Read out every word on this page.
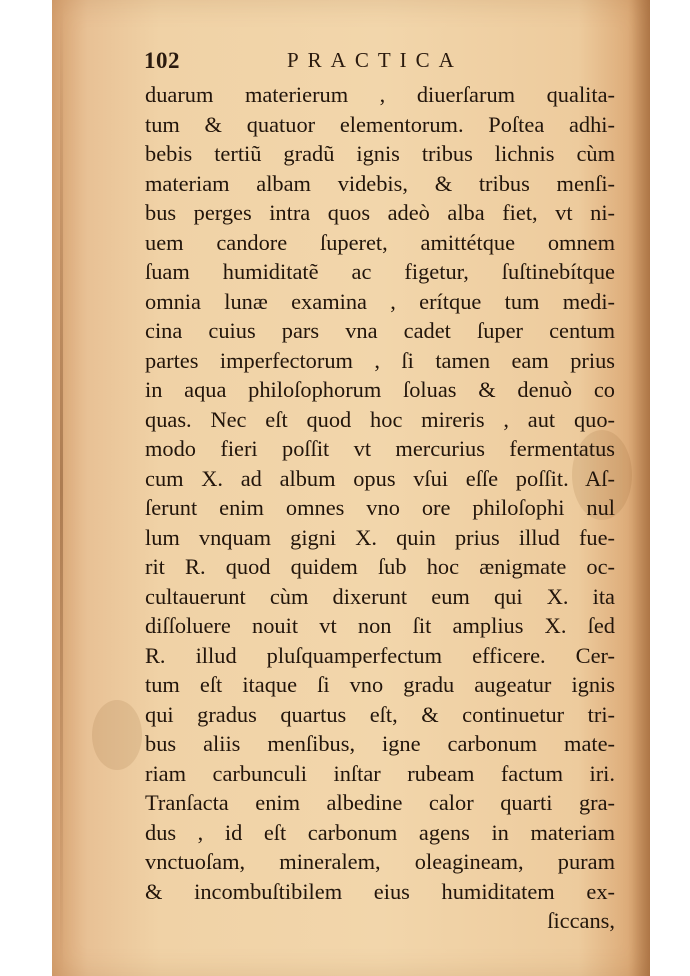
102	PRACTICA
duarum materierum , diuerſarum qualita-
tum & quatuor elementorum. Poſtea adhi-
bebis tertiũ gradũ ignis tribus lichnis cùm
materiam albam videbis, & tribus menſi-
bus perges intra quos adeò alba fiet, vt ni-
uem candore ſuperet, amittétque omnem
ſuam humiditatẽ ac figetur, ſuſtinebítque
omnia lunæ examina , erítque tum medi-
cina cuius pars vna cadet ſuper centum
partes imperfectorum , ſi tamen eam prius
in aqua philoſophorum ſoluas & denuò co
quas. Nec eſt quod hoc mireris , aut quo-
modo fieri poſſit vt mercurius fermentatus
cum X. ad album opus vſui eſſe poſſit. Aſ-
ſerunt enim omnes vno ore philoſophi nul
lum vnquam gigni X. quin prius illud fue-
rit R. quod quidem ſub hoc ænigmate oc-
cultauerunt cùm dixerunt eum qui X. ita
diſſoluere nouit vt non ſit amplius X. ſed
R. illud pluſquamperfectum efficere. Cer-
tum eſt itaque ſi vno gradu augeatur ignis
qui gradus quartus eſt, & continuetur tri-
bus aliis menſibus, igne carbonum mate-
riam carbunculi inſtar rubeam factum iri.
Tranſacta enim albedine calor quarti gra-
dus , id eſt carbonum agens in materiam
vnctuoſam, mineralem, oleagineam, puram
& incombuſtibilem eius humiditatem ex-
ſiccans,
